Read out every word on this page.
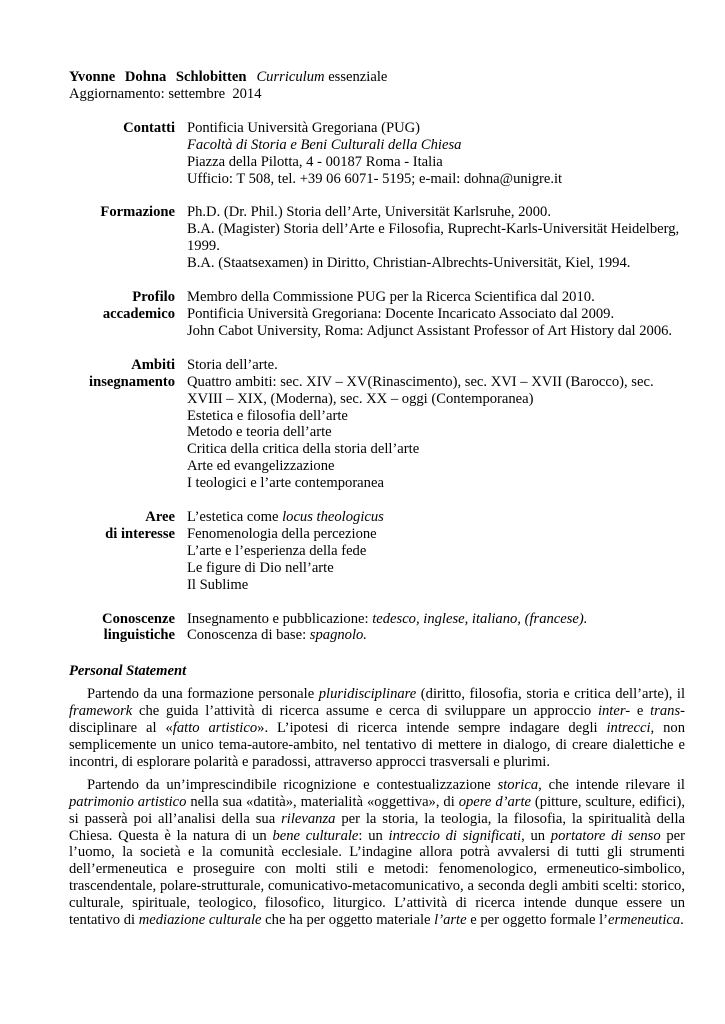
Yvonne Dohna Schlobitten Curriculum essenziale
Aggiornamento: settembre  2014
Contatti Pontificia Università Gregoriana (PUG)
Facoltà di Storia e Beni Culturali della Chiesa
Piazza della Pilotta, 4 - 00187 Roma - Italia
Ufficio: T 508, tel. +39 06 6071- 5195; e-mail: dohna@unigre.it
Formazione Ph.D. (Dr. Phil.) Storia dell’Arte, Universität Karlsruhe, 2000.
B.A. (Magister) Storia dell’Arte e Filosofia, Ruprecht-Karls-Universität Heidelberg, 1999.
B.A. (Staatsexamen) in Diritto, Christian-Albrechts-Universität, Kiel, 1994.
Profilo
accademico
Membro della Commissione PUG per la Ricerca Scientifica dal 2010.
Pontificia Università Gregoriana: Docente Incaricato Associato dal 2009.
John Cabot University, Roma: Adjunct Assistant Professor of Art History dal 2006.
Ambiti
insegnamento
Storia dell’arte.
Quattro ambiti: sec. XIV – XV(Rinascimento), sec. XVI – XVII (Barocco), sec. XVIII – XIX, (Moderna), sec. XX – oggi (Contemporanea)
Estetica e filosofia dell’arte
Metodo e teoria dell’arte
Critica della critica della storia dell’arte
Arte ed evangelizzazione
I teologici e l’arte contemporanea
Aree
di interesse
L’estetica come locus theologicus
Fenomenologia della percezione
L’arte e l’esperienza della fede
Le figure di Dio nell’arte
Il Sublime
Conoscenze
linguistiche
Insegnamento e pubblicazione: tedesco, inglese, italiano, (francese).
Conoscenza di base: spagnolo.
Personal Statement
Partendo da una formazione personale pluridisciplinare (diritto, filosofia, storia e critica dell’arte), il framework che guida l’attività di ricerca assume e cerca di sviluppare un approccio inter- e trans-disciplinare al «fatto artistico». L’ipotesi di ricerca intende sempre indagare degli intrecci, non semplicemente un unico tema-autore-ambito, nel tentativo di mettere in dialogo, di creare dialettiche e incontri, di esplorare polarità e paradossi, attraverso approcci trasversali e plurimi.
Partendo da un’imprescindibile ricognizione e contestualizzazione storica, che intende rilevare il patrimonio artistico nella sua «datità», materialità «oggettiva», di opere d’arte (pitture, sculture, edifici), si passerà poi all’analisi della sua rilevanza per la storia, la teologia, la filosofia, la spiritualità della Chiesa. Questa è la natura di un bene culturale: un intreccio di significati, un portatore di senso per l’uomo, la società e la comunità ecclesiale. L’indagine allora potrà avvalersi di tutti gli strumenti dell’ermeneutica e proseguire con molti stili e metodi: fenomenologico, ermeneutico-simbolico, trascendentale, polare-strutturale, comunicativo-metacomunicativo, a seconda degli ambiti scelti: storico, culturale, spirituale, teologico, filosofico, liturgico. L’attività di ricerca intende dunque essere un tentativo di mediazione culturale che ha per oggetto materiale l’arte e per oggetto formale l’ermeneutica.
